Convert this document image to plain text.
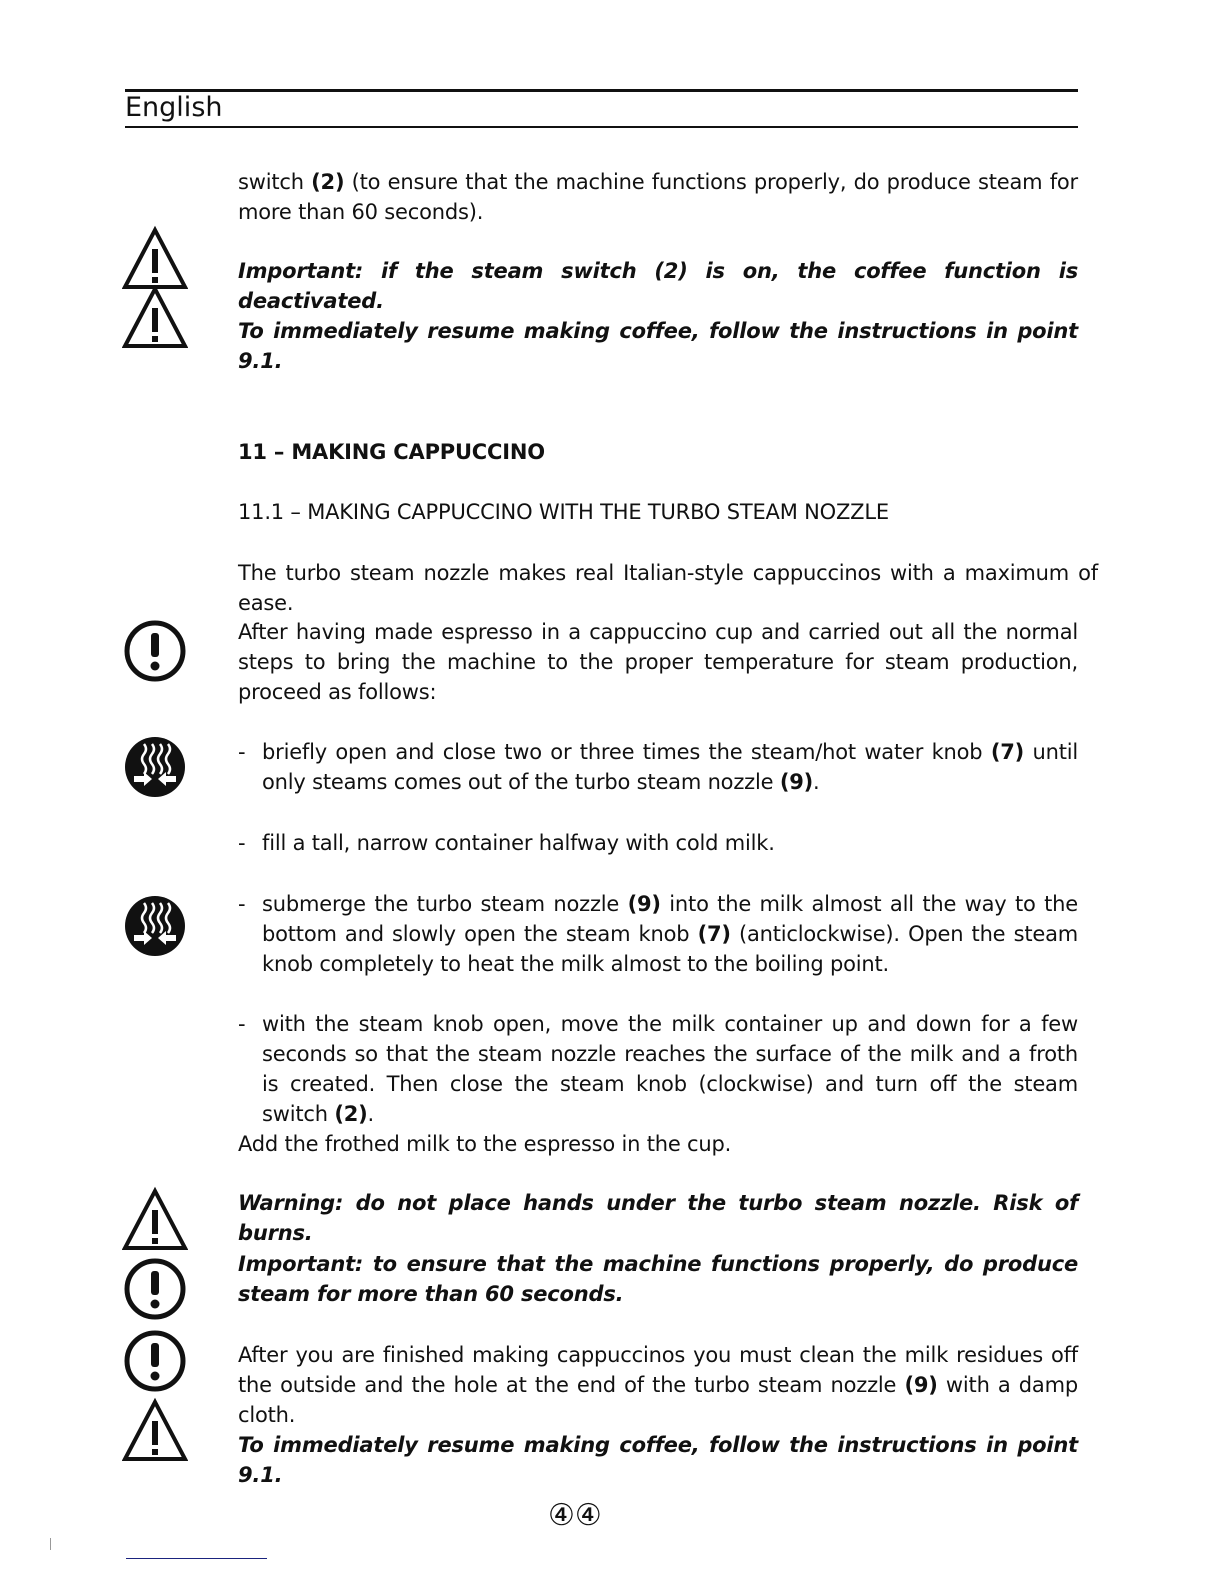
English
switch (2) (to ensure that the machine functions properly, do produce steam for more than 60 seconds).
Important: if the steam switch (2) is on, the coffee function is deactivated.
To immediately resume making coffee, follow the instructions in point 9.1.
11 – MAKING CAPPUCCINO
11.1 – MAKING CAPPUCCINO WITH THE TURBO STEAM NOZZLE
The turbo steam nozzle makes real Italian-style cappuccinos with a maximum of ease.
After having made espresso in a cappuccino cup and carried out all the normal steps to bring the machine to the proper temperature for steam production, proceed as follows:
- briefly open and close two or three times the steam/hot water knob (7) until only steams comes out of the turbo steam nozzle (9).
- fill a tall, narrow container halfway with cold milk.
- submerge the turbo steam nozzle (9) into the milk almost all the way to the bottom and slowly open the steam knob (7) (anticlockwise). Open the steam knob completely to heat the milk almost to the boiling point.
- with the steam knob open, move the milk container up and down for a few seconds so that the steam nozzle reaches the surface of the milk and a froth is created. Then close the steam knob (clockwise) and turn off the steam switch (2).
Add the frothed milk to the espresso in the cup.
Warning: do not place hands under the turbo steam nozzle. Risk of burns.
Important: to ensure that the machine functions properly, do produce steam for more than 60 seconds.
After you are finished making cappuccinos you must clean the milk residues off the outside and the hole at the end of the turbo steam nozzle (9) with a damp cloth.
To immediately resume making coffee, follow the instructions in point 9.1.
④④
